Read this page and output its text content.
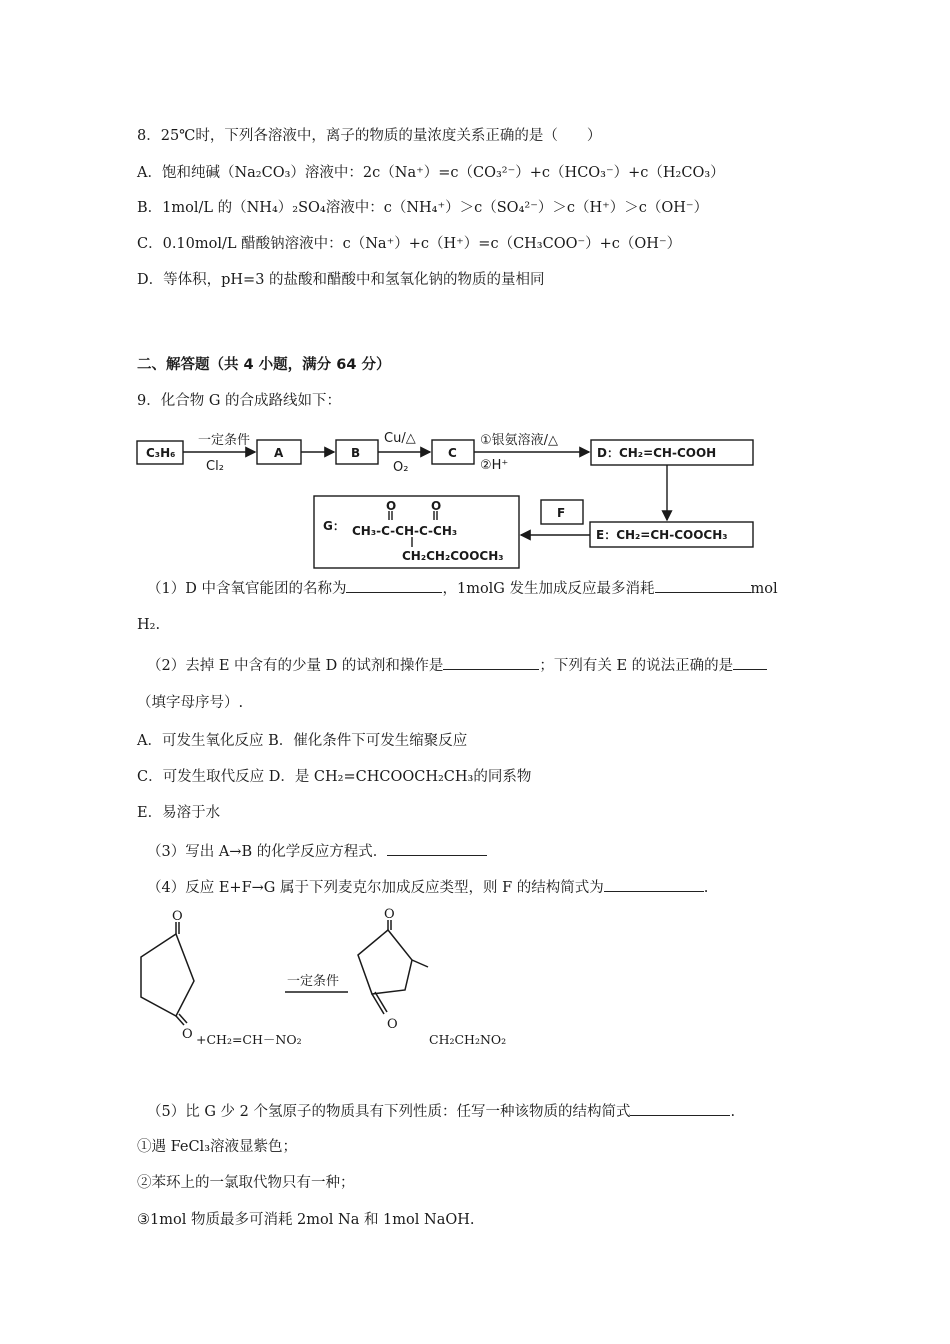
8．25℃时，下列各溶液中，离子的物质的量浓度关系正确的是（　　）
A．饱和纯碱（Na₂CO₃）溶液中：2c（Na⁺）=c（CO₃²⁻）+c（HCO₃⁻）+c（H₂CO₃）
B．1mol/L 的（NH₄）₂SO₄溶液中：c（NH₄⁺）＞c（SO₄²⁻）＞c（H⁺）＞c（OH⁻）
C．0.10mol/L 醋酸钠溶液中：c（Na⁺）+c（H⁺）=c（CH₃COO⁻）+c（OH⁻）
D．等体积，pH=3 的盐酸和醋酸中和氢氧化钠的物质的量相同
二、解答题（共 4 小题，满分 64 分）
9．化合物 G 的合成路线如下：
C₃H₆	A	B	C	D：CH₂=CH-COOH
F
E：CH₂=CH-COOCH₃
G：
O	O
CH₃-C-CH-C-CH₃
CH₂CH₂COOCH₃
一定条件
Cl₂
Cu/△
O₂
①银氨溶液/△
②H⁺
（1）D 中含氧官能团的名称为	，1molG 发生加成反应最多消耗	mol
H₂.
（2）去掉 E 中含有的少量 D 的试剂和操作是	；下列有关 E 的说法正确的是
（填字母序号）.
A．可发生氧化反应 B．催化条件下可发生缩聚反应
C．可发生取代反应 D．是 CH₂=CHCOOCH₂CH₃的同系物
E．易溶于水
（3）写出 A→B 的化学反应方程式．
（4）反应 E+F→G 属于下列麦克尔加成反应类型，则 F 的结构简式为	.
O
O
O
O
+CH₂=CH－NO₂	CH₂CH₂NO₂
一定条件
（5）比 G 少 2 个氢原子的物质具有下列性质：任写一种该物质的结构简式	.
①遇 FeCl₃溶液显紫色；
②苯环上的一氯取代物只有一种；
③1mol 物质最多可消耗 2mol Na 和 1mol NaOH.
